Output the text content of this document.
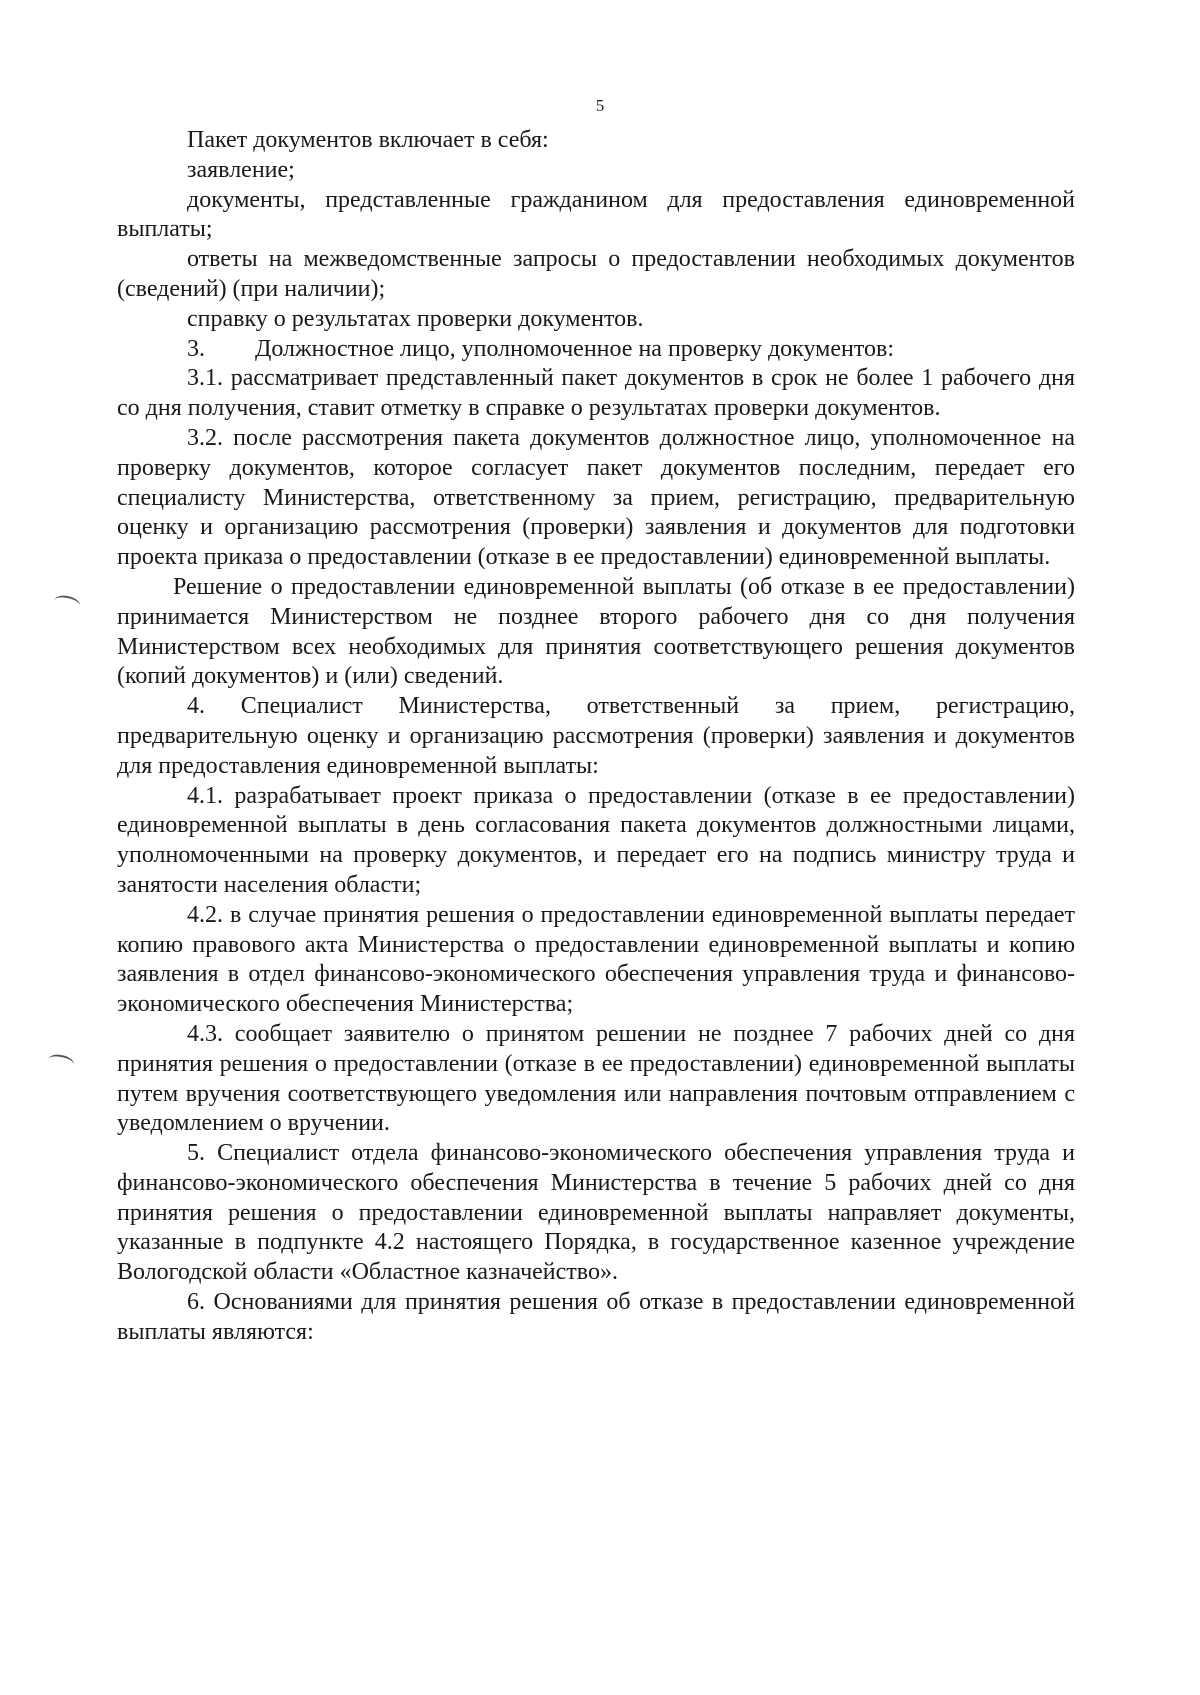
5

Пакет документов включает в себя:

заявление;

документы, представленные гражданином для предоставления единовременной выплаты;

ответы на межведомственные запросы о предоставлении необходимых документов (сведений) (при наличии);

справку о результатах проверки документов.

3. Должностное лицо, уполномоченное на проверку документов:

3.1. рассматривает представленный пакет документов в срок не более 1 рабочего дня со дня получения, ставит отметку в справке о результатах проверки документов.

3.2. после рассмотрения пакета документов должностное лицо, уполномоченное на проверку документов, которое согласует пакет документов последним, передает его специалисту Министерства, ответственному за прием, регистрацию, предварительную оценку и организацию рассмотрения (проверки) заявления и документов для подготовки проекта приказа о предоставлении (отказе в ее предоставлении) единовременной выплаты.

Решение о предоставлении единовременной выплаты (об отказе в ее предоставлении) принимается Министерством не позднее второго рабочего дня со дня получения Министерством всех необходимых для принятия соответствующего решения документов (копий документов) и (или) сведений.

4. Специалист Министерства, ответственный за прием, регистрацию, предварительную оценку и организацию рассмотрения (проверки) заявления и документов для предоставления единовременной выплаты:

4.1. разрабатывает проект приказа о предоставлении (отказе в ее предоставлении) единовременной выплаты в день согласования пакета документов должностными лицами, уполномоченными на проверку документов, и передает его на подпись министру труда и занятости населения области;

4.2. в случае принятия решения о предоставлении единовременной выплаты передает копию правового акта Министерства о предоставлении единовременной выплаты и копию заявления в отдел финансово-экономического обеспечения управления труда и финансово-экономического обеспечения Министерства;

4.3. сообщает заявителю о принятом решении не позднее 7 рабочих дней со дня принятия решения о предоставлении (отказе в ее предоставлении) единовременной выплаты путем вручения соответствующего уведомления или направления почтовым отправлением с уведомлением о вручении.

5. Специалист отдела финансово-экономического обеспечения управления труда и финансово-экономического обеспечения Министерства в течение 5 рабочих дней со дня принятия решения о предоставлении единовременной выплаты направляет документы, указанные в подпункте 4.2 настоящего Порядка, в государственное казенное учреждение Вологодской области «Областное казначейство».

6. Основаниями для принятия решения об отказе в предоставлении единовременной выплаты являются:
